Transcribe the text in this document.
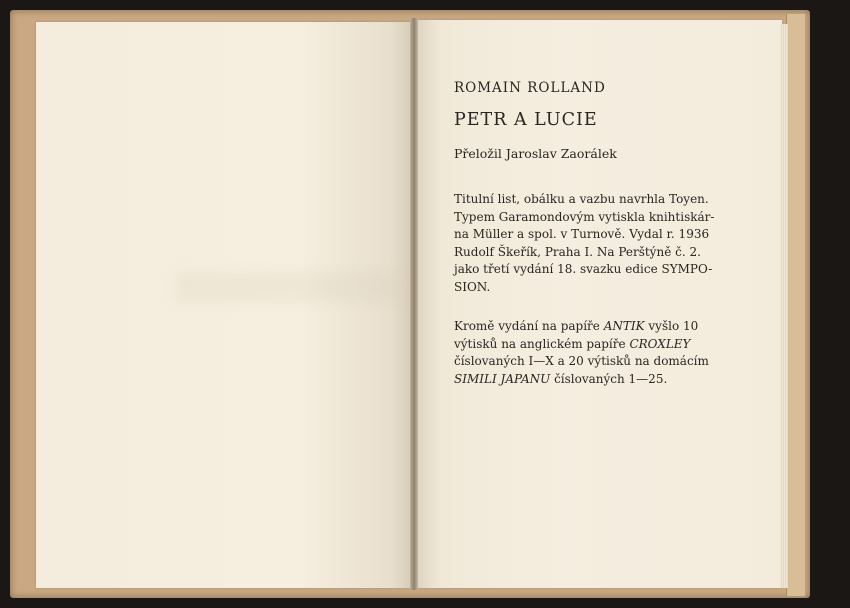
ROMAIN ROLLAND
PETR A LUCIE
Přeložil Jaroslav Zaorálek
Titulní list, obálku a vazbu navrhla Toyen.
Typem Garamondovým vytiskla knihtiskár-
na Müller a spol. v Turnově. Vydal r. 1936
Rudolf Škeřík, Praha I. Na Perštýně č. 2.
jako třetí vydání 18. svazku edice SYMPO-
SION.
Kromě vydání na papíře ANTIK vyšlo 10
výtisků na anglickém papíře CROXLEY
číslovaných I—X a 20 výtisků na domácím
SIMILI JAPANU číslovaných 1—25.
